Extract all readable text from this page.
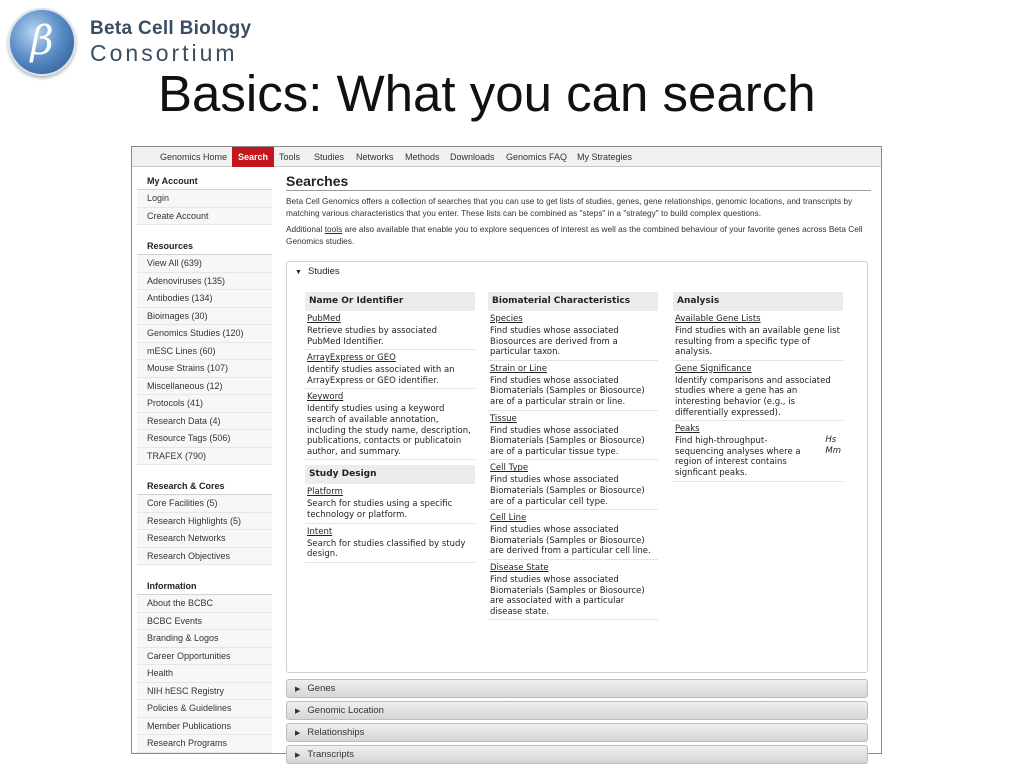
β	Beta Cell Biology
Consortium
Basics: What you can search
Genomics Home	Search	Tools Studies Networks Methods Downloads Genomics FAQ My Strategies
My Account
Login
Create Account
Resources
View All (639)
Adenoviruses (135)
Antibodies (134)
Bioimages (30)
Genomics Studies (120)
mESC Lines (60)
Mouse Strains (107)
Miscellaneous (12)
Protocols (41)
Research Data (4)
Resource Tags (506)
TRAFEX (790)
Research & Cores
Core Facilities (5)
Research Highlights (5)
Research Networks
Research Objectives
Information
About the BCBC
BCBC Events
Branding & Logos
Career Opportunities
Health
NIH hESC Registry
Policies & Guidelines
Member Publications
Research Programs
Searches
Beta Cell Genomics offers a collection of searches that you can use to get lists of studies, genes, gene relationships, genomic locations, and transcripts by matching various characteristics that you enter. These lists can be combined as "steps" in a "strategy" to build complex questions.
Additional tools are also available that enable you to explore sequences of interest as well as the combined behaviour of your favorite genes across Beta Cell Genomics studies.
▼ Studies
Name Or Identifier
PubMed
Retrieve studies by associated PubMed Identifier.
ArrayExpress or GEO
Identify studies associated with an ArrayExpress or GEO identifier.
Keyword
Identify studies using a keyword search of available annotation, including the study name, description, publications, contacts or publicatoin author, and summary.
Study Design
Platform
Search for studies using a specific technology or platform.
Intent
Search for studies classified by study design.
Biomaterial Characteristics
Species
Find studies whose associated Biosources are derived from a particular taxon.
Strain or Line
Find studies whose associated Biomaterials (Samples or Biosource) are of a particular strain or line.
Tissue
Find studies whose associated Biomaterials (Samples or Biosource) are of a particular tissue type.
Cell Type
Find studies whose associated Biomaterials (Samples or Biosource) are of a particular cell type.
Cell Line
Find studies whose associated Biomaterials (Samples or Biosource) are derived from a particular cell line.
Disease State
Find studies whose associated Biomaterials (Samples or Biosource) are associated with a particular disease state.
Analysis
Available Gene Lists
Find studies with an available gene list resulting from a specific type of analysis.
Gene Significance
Identify comparisons and associated studies where a gene has an interesting behavior (e.g., is differentially expressed).
Peaks
Find high-throughput-sequencing analyses where a region of interest contains signficant peaks.
Hs
Mm
▶ Genes
▶ Genomic Location
▶ Relationships
▶ Transcripts
